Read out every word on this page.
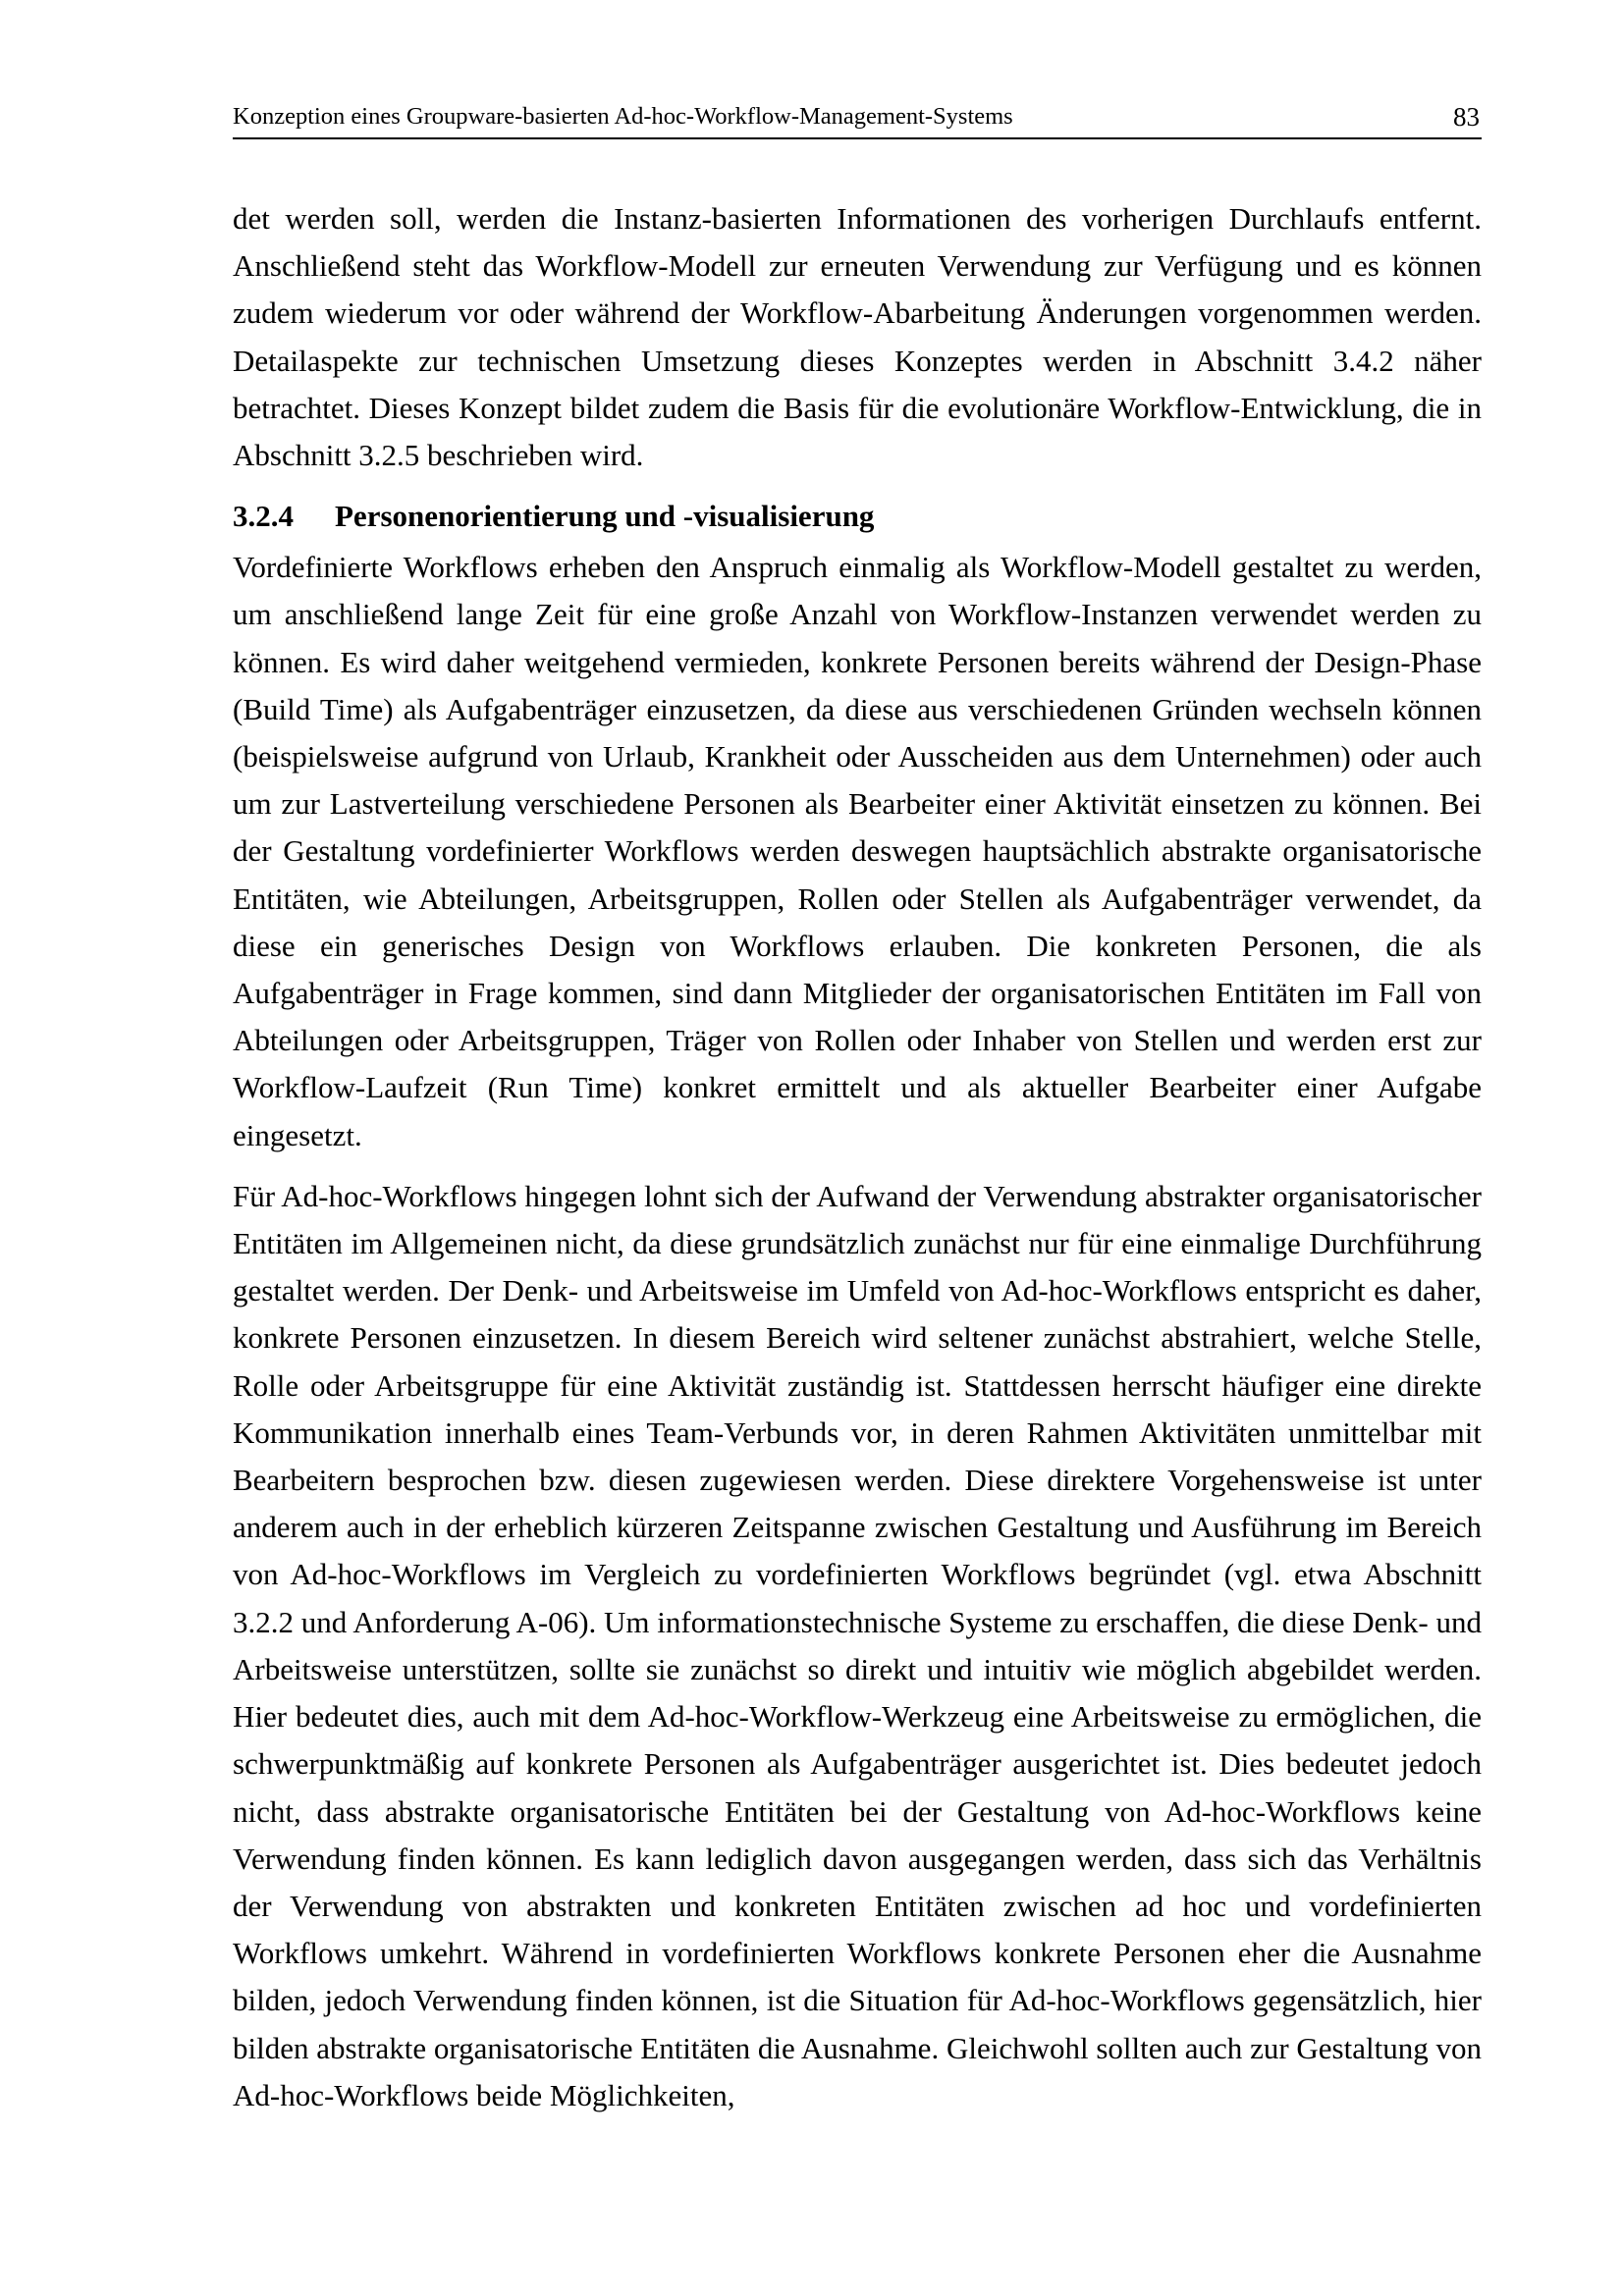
Konzeption eines Groupware-basierten Ad-hoc-Workflow-Management-Systems	83

det werden soll, werden die Instanz-basierten Informationen des vorherigen Durchlaufs entfernt. Anschließend steht das Workflow-Modell zur erneuten Verwendung zur Verfügung und es können zudem wiederum vor oder während der Workflow-Abarbeitung Änderungen vorgenommen werden. Detailaspekte zur technischen Umsetzung dieses Konzeptes werden in Abschnitt 3.4.2 näher betrachtet. Dieses Konzept bildet zudem die Basis für die evolutionäre Workflow-Entwicklung, die in Abschnitt 3.2.5 beschrieben wird.

3.2.4 Personenorientierung und -visualisierung

Vordefinierte Workflows erheben den Anspruch einmalig als Workflow-Modell gestaltet zu werden, um anschließend lange Zeit für eine große Anzahl von Workflow-Instanzen verwendet werden zu können. Es wird daher weitgehend vermieden, konkrete Personen bereits während der Design-Phase (Build Time) als Aufgabenträger einzusetzen, da diese aus verschiedenen Gründen wechseln können (beispielsweise aufgrund von Urlaub, Krankheit oder Ausscheiden aus dem Unternehmen) oder auch um zur Lastverteilung verschiedene Personen als Bearbeiter einer Aktivität einsetzen zu können. Bei der Gestaltung vordefinierter Workflows werden deswegen hauptsächlich abstrakte organisatorische Entitäten, wie Abteilungen, Arbeitsgruppen, Rollen oder Stellen als Aufgabenträger verwendet, da diese ein generisches Design von Workflows erlauben. Die konkreten Personen, die als Aufgabenträger in Frage kommen, sind dann Mitglieder der organisatorischen Entitäten im Fall von Abteilungen oder Arbeitsgruppen, Träger von Rollen oder Inhaber von Stellen und werden erst zur Workflow-Laufzeit (Run Time) konkret ermittelt und als aktueller Bearbeiter einer Aufgabe eingesetzt.

Für Ad-hoc-Workflows hingegen lohnt sich der Aufwand der Verwendung abstrakter organisatorischer Entitäten im Allgemeinen nicht, da diese grundsätzlich zunächst nur für eine einmalige Durchführung gestaltet werden. Der Denk- und Arbeitsweise im Umfeld von Ad-hoc-Workflows entspricht es daher, konkrete Personen einzusetzen. In diesem Bereich wird seltener zunächst abstrahiert, welche Stelle, Rolle oder Arbeitsgruppe für eine Aktivität zuständig ist. Stattdessen herrscht häufiger eine direkte Kommunikation innerhalb eines Team-Verbunds vor, in deren Rahmen Aktivitäten unmittelbar mit Bearbeitern besprochen bzw. diesen zugewiesen werden. Diese direktere Vorgehensweise ist unter anderem auch in der erheblich kürzeren Zeitspanne zwischen Gestaltung und Ausführung im Bereich von Ad-hoc-Workflows im Vergleich zu vordefinierten Workflows begründet (vgl. etwa Abschnitt 3.2.2 und Anforderung A-06). Um informationstechnische Systeme zu erschaffen, die diese Denk- und Arbeitsweise unterstützen, sollte sie zunächst so direkt und intuitiv wie möglich abgebildet werden. Hier bedeutet dies, auch mit dem Ad-hoc-Workflow-Werkzeug eine Arbeitsweise zu ermöglichen, die schwerpunktmäßig auf konkrete Personen als Aufgabenträger ausgerichtet ist. Dies bedeutet jedoch nicht, dass abstrakte organisatorische Entitäten bei der Gestaltung von Ad-hoc-Workflows keine Verwendung finden können. Es kann lediglich davon ausgegangen werden, dass sich das Verhältnis der Verwendung von abstrakten und konkreten Entitäten zwischen ad hoc und vordefinierten Workflows umkehrt. Während in vordefinierten Workflows konkrete Personen eher die Ausnahme bilden, jedoch Verwendung finden können, ist die Situation für Ad-hoc-Workflows gegensätzlich, hier bilden abstrakte organisatorische Entitäten die Ausnahme. Gleichwohl sollten auch zur Gestaltung von Ad-hoc-Workflows beide Möglichkeiten,
